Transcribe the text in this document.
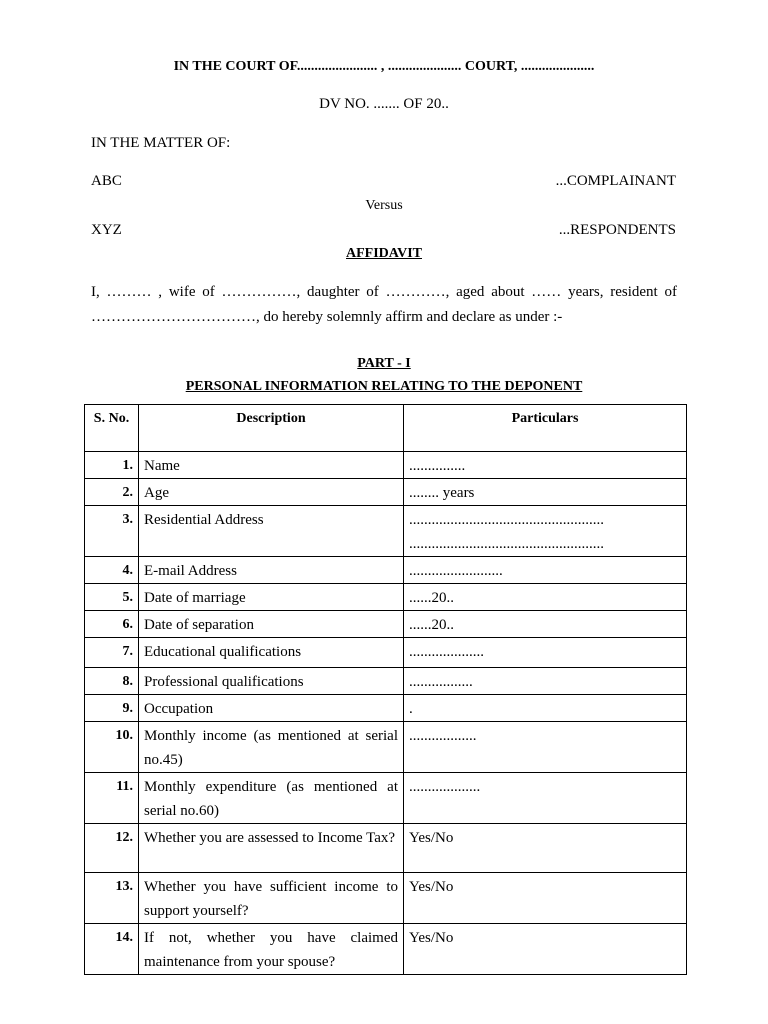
IN THE COURT OF....................... , ..................... COURT, .....................
DV NO. ....... OF 20..
IN THE MATTER OF:
ABC	...COMPLAINANT
Versus
XYZ	...RESPONDENTS
AFFIDAVIT
I, ……… , wife of ……………, daughter of …………, aged about …… years, resident of ……………………………, do hereby solemnly affirm and declare as under :-
PART - I
PERSONAL INFORMATION RELATING TO THE DEPONENT
S. No.	Description	Particulars
1.	Name	...............
2.	Age	........ years
3.	Residential Address	....................................................
....................................................

4.	E-mail Address	.........................
5.	Date of marriage	......20..
6.	Date of separation	......20..
7.	Educational qualifications	....................
8.	Professional qualifications	.................
9.	Occupation	.
10.	Monthly income (as mentioned at serial no.45)	..................
11.	Monthly expenditure (as mentioned at serial no.60)	...................
12.	Whether you are assessed to Income Tax?	Yes/No
13.	Whether you have sufficient income to support yourself?	Yes/No
14.	If not, whether you have claimed maintenance from your spouse?	Yes/No
